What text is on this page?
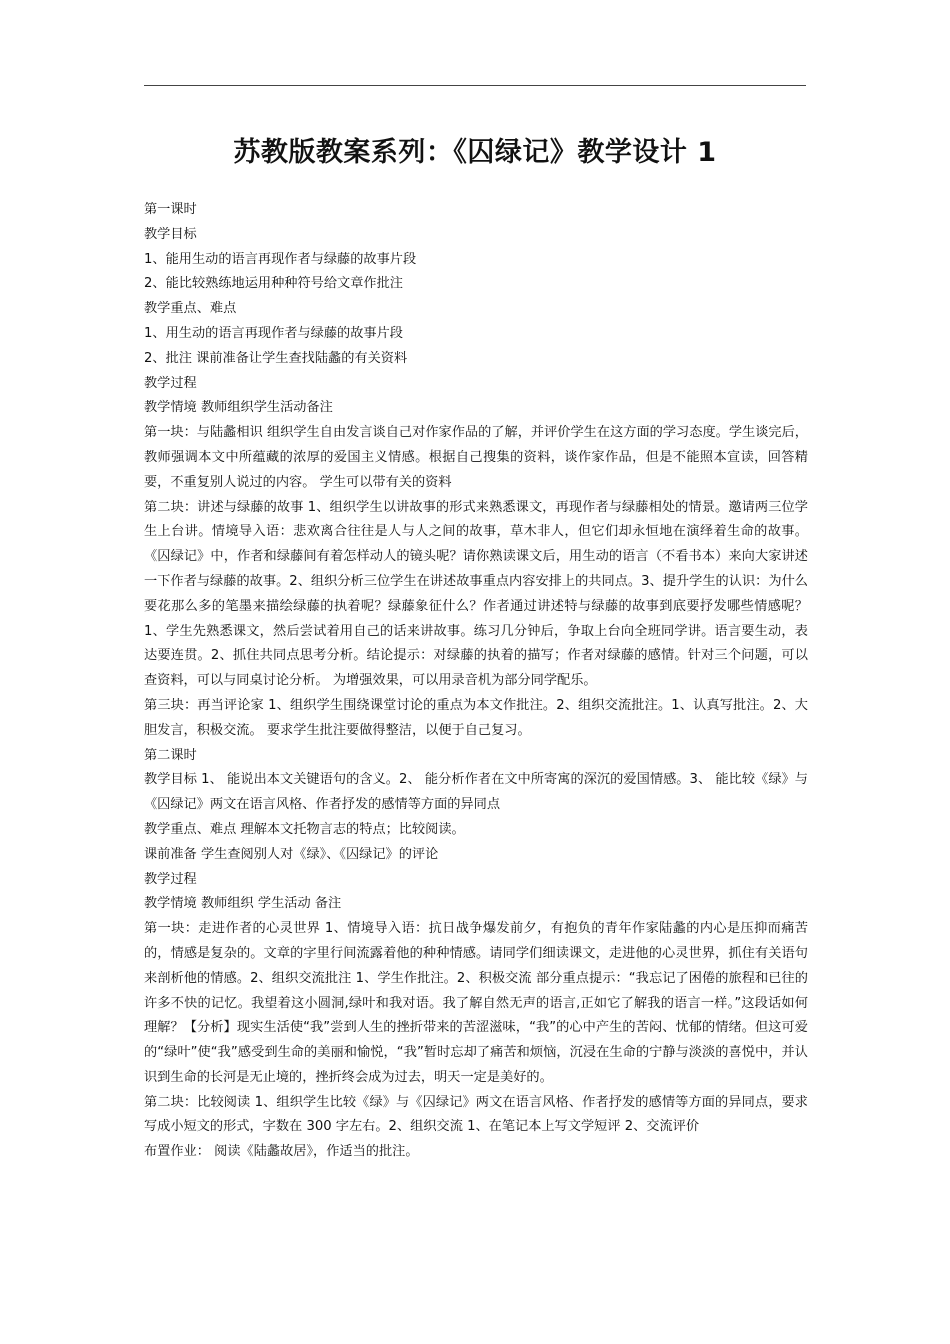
苏教版教案系列：《囚绿记》教学设计 1

第一课时

教学目标

1、能用生动的语言再现作者与绿藤的故事片段

2、能比较熟练地运用种种符号给文章作批注

教学重点、难点

1、用生动的语言再现作者与绿藤的故事片段

2、批注 课前准备让学生查找陆蠡的有关资料

教学过程

教学情境 教师组织学生活动备注

第一块：与陆蠡相识 组织学生自由发言谈自己对作家作品的了解，并评价学生在这方面的学习态度。学生谈完后，教师强调本文中所蕴藏的浓厚的爱国主义情感。根据自己搜集的资料，谈作家作品，但是不能照本宣读，回答精要，不重复别人说过的内容。 学生可以带有关的资料

第二块：讲述与绿藤的故事 1、组织学生以讲故事的形式来熟悉课文，再现作者与绿藤相处的情景。邀请两三位学生上台讲。情境导入语：悲欢离合往往是人与人之间的故事，草木非人，但它们却永恒地在演绎着生命的故事。《囚绿记》中，作者和绿藤间有着怎样动人的镜头呢？请你熟读课文后，用生动的语言（不看书本）来向大家讲述一下作者与绿藤的故事。2、组织分析三位学生在讲述故事重点内容安排上的共同点。3、提升学生的认识：为什么要花那么多的笔墨来描绘绿藤的执着呢？绿藤象征什么？作者通过讲述特与绿藤的故事到底要抒发哪些情感呢？ 1、学生先熟悉课文，然后尝试着用自己的话来讲故事。练习几分钟后，争取上台向全班同学讲。语言要生动，表达要连贯。2、抓住共同点思考分析。结论提示：对绿藤的执着的描写；作者对绿藤的感情。针对三个问题，可以查资料，可以与同桌讨论分析。 为增强效果，可以用录音机为部分同学配乐。

第三块：再当评论家 1、组织学生围绕课堂讨论的重点为本文作批注。2、组织交流批注。1、认真写批注。2、大胆发言，积极交流。 要求学生批注要做得整洁，以便于自己复习。

第二课时

教学目标 1、 能说出本文关键语句的含义。2、 能分析作者在文中所寄寓的深沉的爱国情感。3、 能比较《绿》与《囚绿记》两文在语言风格、作者抒发的感情等方面的异同点

教学重点、难点 理解本文托物言志的特点；比较阅读。

课前准备 学生查阅别人对《绿》、《囚绿记》的评论

教学过程

教学情境 教师组织 学生活动 备注

第一块：走进作者的心灵世界 1、情境导入语：抗日战争爆发前夕，有抱负的青年作家陆蠡的内心是压抑而痛苦的，情感是复杂的。文章的字里行间流露着他的种种情感。请同学们细读课文，走进他的心灵世界，抓住有关语句来剖析他的情感。2、组织交流批注 1、学生作批注。2、积极交流 部分重点提示：“我忘记了困倦的旅程和已往的许多不快的记忆。我望着这小圆洞,绿叶和我对语。我了解自然无声的语言,正如它了解我的语言一样。”这段话如何理解？【分析】现实生活使“我”尝到人生的挫折带来的苦涩滋味，“我”的心中产生的苦闷、忧郁的情绪。但这可爱的“绿叶”使“我”感受到生命的美丽和愉悦，“我”暂时忘却了痛苦和烦恼，沉浸在生命的宁静与淡淡的喜悦中，并认识到生命的长河是无止境的，挫折终会成为过去，明天一定是美好的。

第二块：比较阅读 1、组织学生比较《绿》与《囚绿记》两文在语言风格、作者抒发的感情等方面的异同点，要求写成小短文的形式，字数在 300 字左右。2、组织交流 1、在笔记本上写文学短评 2、交流评价

布置作业： 阅读《陆蠡故居》，作适当的批注。
